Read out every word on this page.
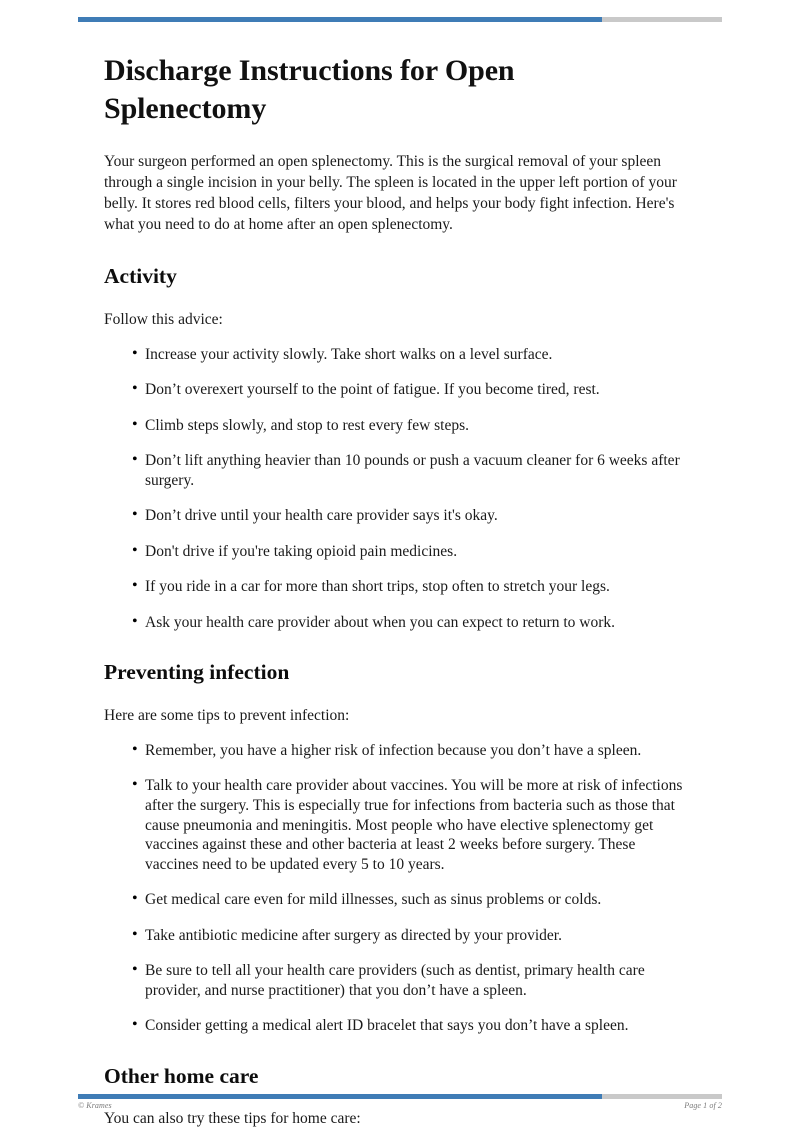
Discharge Instructions for Open Splenectomy

Your surgeon performed an open splenectomy. This is the surgical removal of your spleen through a single incision in your belly. The spleen is located in the upper left portion of your belly. It stores red blood cells, filters your blood, and helps your body fight infection. Here's what you need to do at home after an open splenectomy.

Activity

Follow this advice:

• Increase your activity slowly. Take short walks on a level surface.
• Don’t overexert yourself to the point of fatigue. If you become tired, rest.
• Climb steps slowly, and stop to rest every few steps.
• Don’t lift anything heavier than 10 pounds or push a vacuum cleaner for 6 weeks after surgery.
• Don’t drive until your health care provider says it's okay.
• Don't drive if you're taking opioid pain medicines.
• If you ride in a car for more than short trips, stop often to stretch your legs.
• Ask your health care provider about when you can expect to return to work.
Preventing infection

Here are some tips to prevent infection:

• Remember, you have a higher risk of infection because you don’t have a spleen.
• Talk to your health care provider about vaccines. You will be more at risk of infections after the surgery. This is especially true for infections from bacteria such as those that cause pneumonia and meningitis. Most people who have elective splenectomy get vaccines against these and other bacteria at least 2 weeks before surgery. These vaccines need to be updated every 5 to 10 years.
• Get medical care even for mild illnesses, such as sinus problems or colds.
• Take antibiotic medicine after surgery as directed by your provider.
• Be sure to tell all your health care providers (such as dentist, primary health care provider, and nurse practitioner) that you don’t have a spleen.
• Consider getting a medical alert ID bracelet that says you don’t have a spleen.
Other home care

You can also try these tips for home care:

© Krames	Page 1 of 2
